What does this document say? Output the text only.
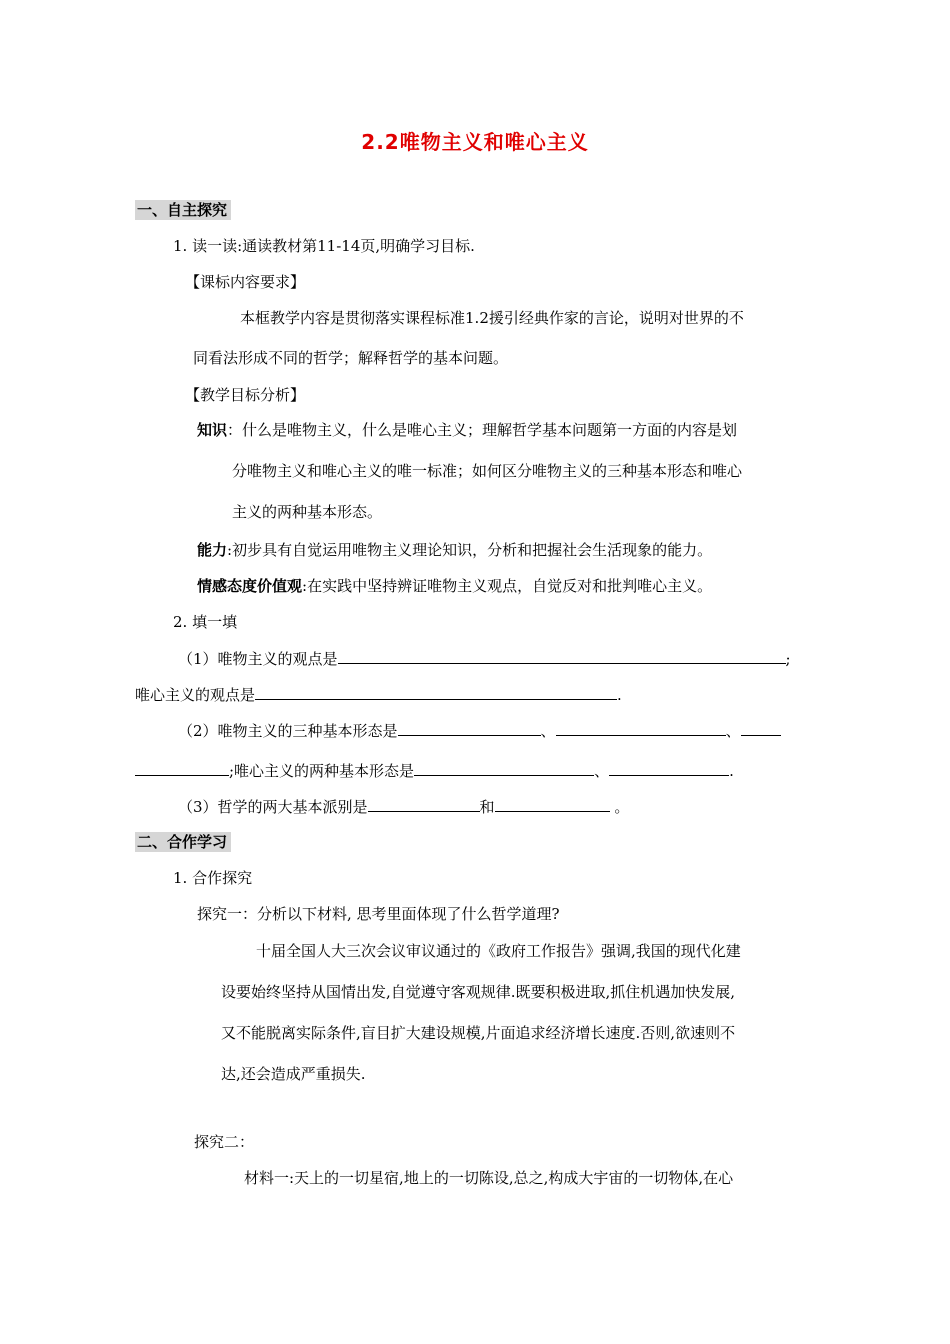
2.2唯物主义和唯心主义
一、自主探究
1. 读一读:通读教材第11-14页,明确学习目标.
【课标内容要求】
本框教学内容是贯彻落实课程标准1.2援引经典作家的言论，说明对世界的不
同看法形成不同的哲学；解释哲学的基本问题。
【教学目标分析】
知识：什么是唯物主义，什么是唯心主义；理解哲学基本问题第一方面的内容是划
分唯物主义和唯心主义的唯一标准；如何区分唯物主义的三种基本形态和唯心
主义的两种基本形态。
能力:初步具有自觉运用唯物主义理论知识，分析和把握社会生活现象的能力。
情感态度价值观:在实践中坚持辨证唯物主义观点，自觉反对和批判唯心主义。
2. 填一填
（1）唯物主义的观点是	;
唯心主义的观点是	.
（2）唯物主义的三种基本形态是	、	、
;唯心主义的两种基本形态是	、	.
（3）哲学的两大基本派别是	和	。
二、合作学习
1. 合作探究
探究一：分析以下材料, 思考里面体现了什么哲学道理?
十届全国人大三次会议审议通过的《政府工作报告》强调,我国的现代化建
设要始终坚持从国情出发,自觉遵守客观规律.既要积极进取,抓住机遇加快发展,
又不能脱离实际条件,盲目扩大建设规模,片面追求经济增长速度.否则,欲速则不
达,还会造成严重损失.
探究二：
材料一:天上的一切星宿,地上的一切陈设,总之,构成大宇宙的一切物体,在心
